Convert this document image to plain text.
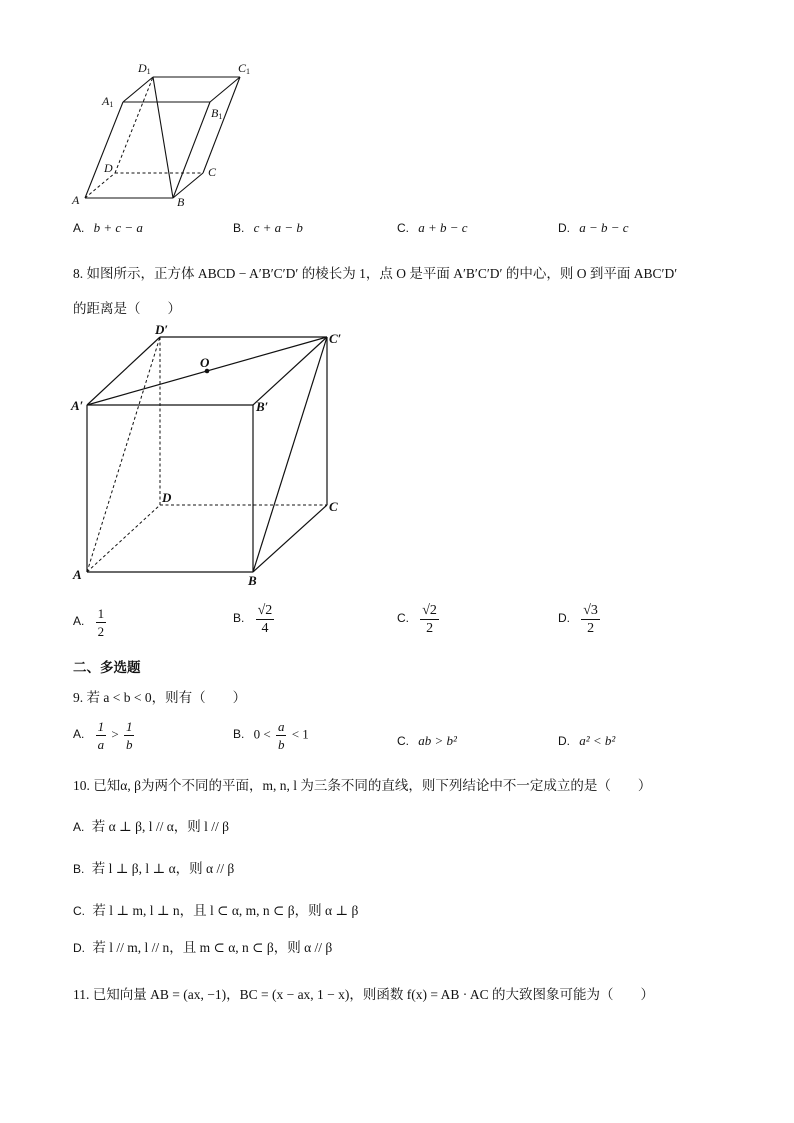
D1	C1
A1
B1
D	C
A	B
A. b + c − a	B. c + a − b	C. a + b − c	D. a − b − c
8. 如图所示，正方体 ABCD − A′B′C′D′ 的棱长为 1，点 O 是平面 A′B′C′D′ 的中心，则 O 到平面 ABC′D′
的距离是（　　）
D′
C′
O
A′	B′
D
C
A	B
A. $\frac{1}{2}$	B. $\frac{√2}{4}$	C. $\frac{√2}{2}$	D. $\frac{√3}{2}$
二、多选题
9. 若 a < b < 0，则有（　　）
A. $\frac{1}{a} > \frac{1}{b}$	B. $0 < \frac{a}{b} < 1$	C. ab > b²	D. a² < b²
10. 已知α, β为两个不同的平面，m, n, l 为三条不同的直线，则下列结论中不一定成立的是（　　）
A. 若 α ⊥ β, l // α，则 l // β
B. 若 l ⊥ β, l ⊥ α，则 α // β
C. 若 l ⊥ m, l ⊥ n，且 l ⊂ α, m, n ⊂ β，则 α ⊥ β
D. 若 l // m, l // n，且 m ⊂ α, n ⊂ β，则 α // β
11. 已知向量 AB = (ax, −1)，BC = (x − ax, 1 − x)，则函数 f(x) = AB · AC 的大致图象可能为（　　）
